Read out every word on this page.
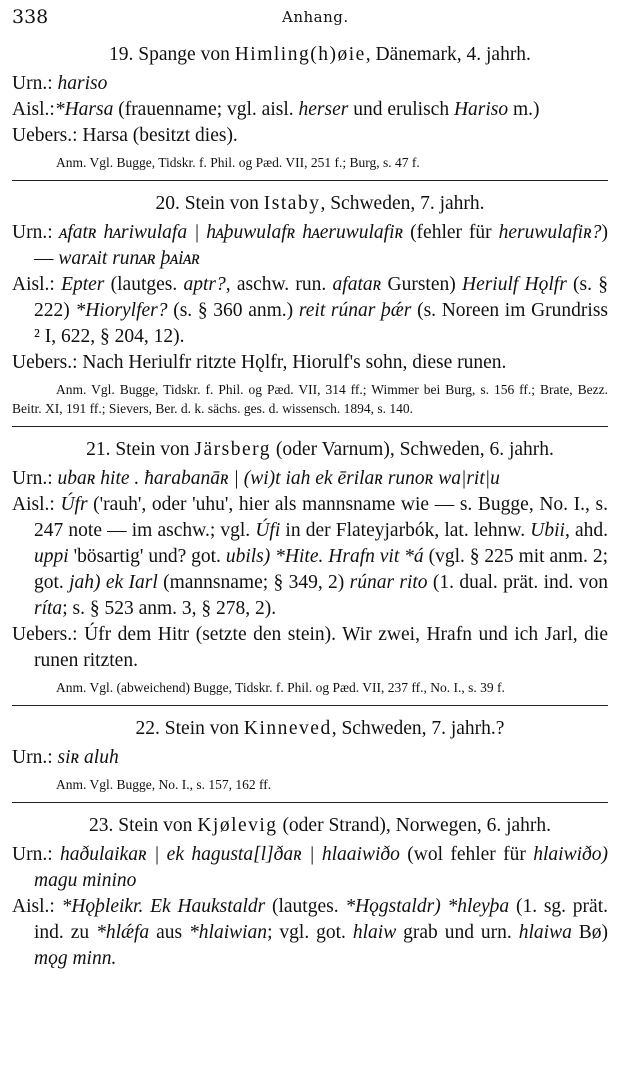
338	Anhang.
19. Spange von Himling(h)øie, Dänemark, 4. jahrh.
Urn.: hariso
Aisl.:*Harsa (frauenname; vgl. aisl. herser und erulisch Hariso m.)
Uebers.: Harsa (besitzt dies).
Anm. Vgl. Bugge, Tidskr. f. Phil. og Pæd. VII, 251 f.; Burg, s. 47 f.
20. Stein von Istaby, Schweden, 7. jahrh.
Urn.: ᴀfatʀ hᴀriwulafa | hᴀþuwulafʀ hᴀeruwulafiʀ (fehler für heruwulafiʀ?) — warᴀit runᴀʀ þᴀiᴀʀ
Aisl.: Epter (lautges. aptr?, aschw. run. afataʀ Gursten) Heriulf Hǫlfr (s. § 222) *Hiorylfer? (s. § 360 anm.) reit rúnar þǽr (s. Noreen im Grundriss ² I, 622, § 204, 12).
Uebers.: Nach Heriulfr ritzte Hǫlfr, Hiorulf's sohn, diese runen.
Anm. Vgl. Bugge, Tidskr. f. Phil. og Pæd. VII, 314 ff.; Wimmer bei Burg, s. 156 ff.; Brate, Bezz. Beitr. XI, 191 ff.; Sievers, Ber. d. k. sächs. ges. d. wissensch. 1894, s. 140.
21. Stein von Järsberg (oder Varnum), Schweden, 6. jahrh.
Urn.: ubaʀ hite . ħarabanāʀ | (wi)t iah ek ērilaʀ runoʀ wa|rit|u
Aisl.: Úfr ('rauh', oder 'uhu', hier als mannsname wie — s. Bugge, No. I., s. 247 note — im aschw.; vgl. Úfi in der Flateyjarbók, lat. lehnw. Ubii, ahd. uppi 'bösartig' und? got. ubils) *Hite. Hrafn vit *á (vgl. § 225 mit anm. 2; got. jah) ek Iarl (mannsname; § 349, 2) rúnar rito (1. dual. prät. ind. von ríta; s. § 523 anm. 3, § 278, 2).
Uebers.: Úfr dem Hitr (setzte den stein). Wir zwei, Hrafn und ich Jarl, die runen ritzten.
Anm. Vgl. (abweichend) Bugge, Tidskr. f. Phil. og Pæd. VII, 237 ff., No. I., s. 39 f.
22. Stein von Kinneved, Schweden, 7. jahrh.?
Urn.: siʀ aluh
Anm. Vgl. Bugge, No. I., s. 157, 162 ff.
23. Stein von Kjølevig (oder Strand), Norwegen, 6. jahrh.
Urn.: haðulaikaʀ | ek hagusta[l]ðaʀ | hlaaiwiðo (wol fehler für hlaiwiðo) magu minino
Aisl.: *Hǫþleikr. Ek Haukstaldr (lautges. *Hǫgstaldr) *hleyþa (1. sg. prät. ind. zu *hlǽfa aus *hlaiwian; vgl. got. hlaiw grab und urn. hlaiwa Bø) mǫg minn.
